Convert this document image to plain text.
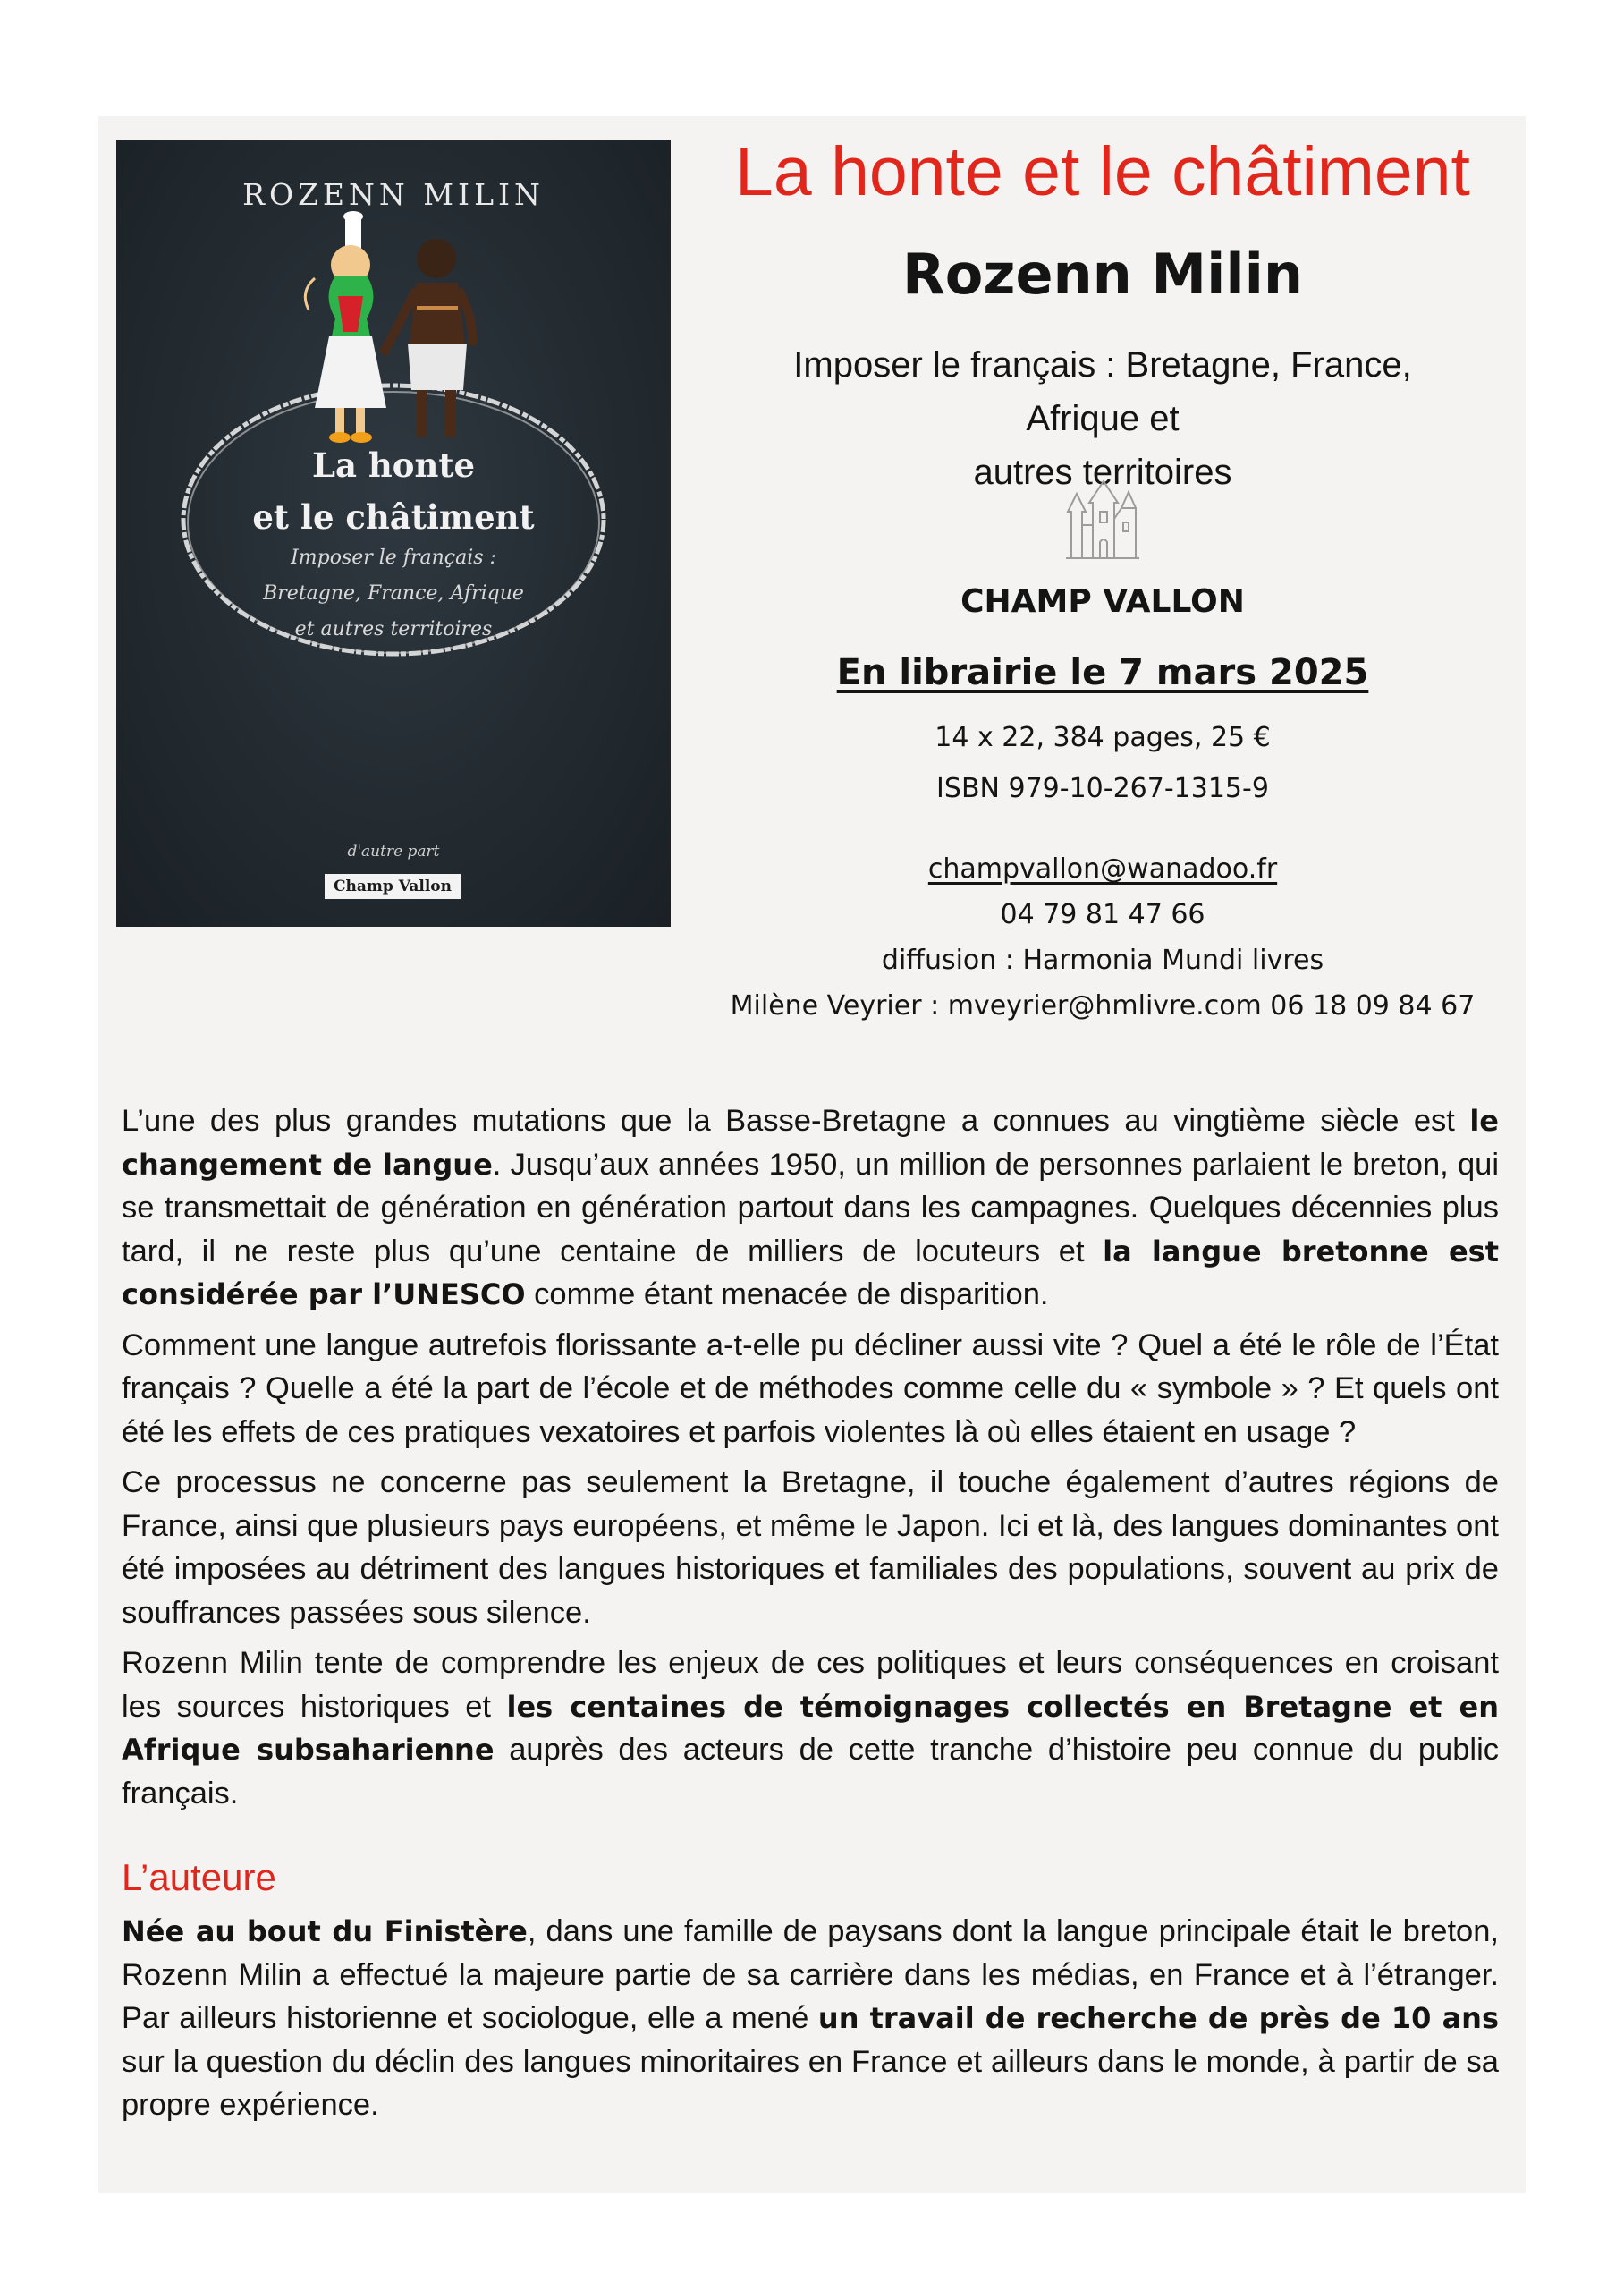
ROZENN MILIN
La honte
et le châtiment
Imposer le français :
Bretagne, France, Afrique
et autres territoires
d'autre part
Champ Vallon
La honte et le châtiment
Rozenn Milin
Imposer le français : Bretagne, France, Afrique et
autres territoires
CHAMP VALLON
En librairie le 7 mars 2025
14 x 22, 384 pages, 25 €
ISBN 979-10-267-1315-9
champvallon@wanadoo.fr
04 79 81 47 66
diffusion : Harmonia Mundi livres
Milène Veyrier : mveyrier@hmlivre.com 06 18 09 84 67

L’une des plus grandes mutations que la Basse-Bretagne a connues au vingtième siècle est le changement de langue. Jusqu’aux années 1950, un million de personnes parlaient le breton, qui se transmettait de génération en génération partout dans les campagnes. Quelques décennies plus tard, il ne reste plus qu’une centaine de milliers de locuteurs et la langue bretonne est considérée par l’UNESCO comme étant menacée de disparition.

Comment une langue autrefois florissante a-t-elle pu décliner aussi vite ? Quel a été le rôle de l’État français ? Quelle a été la part de l’école et de méthodes comme celle du « symbole » ? Et quels ont été les effets de ces pratiques vexatoires et parfois violentes là où elles étaient en usage ?

Ce processus ne concerne pas seulement la Bretagne, il touche également d’autres régions de France, ainsi que plusieurs pays européens, et même le Japon. Ici et là, des langues dominantes ont été imposées au détriment des langues historiques et familiales des populations, souvent au prix de souffrances passées sous silence.

Rozenn Milin tente de comprendre les enjeux de ces politiques et leurs conséquences en croisant les sources historiques et les centaines de témoignages collectés en Bretagne et en Afrique subsaharienne auprès des acteurs de cette tranche d’histoire peu connue du public français.

L’auteure
Née au bout du Finistère, dans une famille de paysans dont la langue principale était le breton, Rozenn Milin a effectué la majeure partie de sa carrière dans les médias, en France et à l’étranger. Par ailleurs historienne et sociologue, elle a mené un travail de recherche de près de 10 ans sur la question du déclin des langues minoritaires en France et ailleurs dans le monde, à partir de sa propre expérience.
